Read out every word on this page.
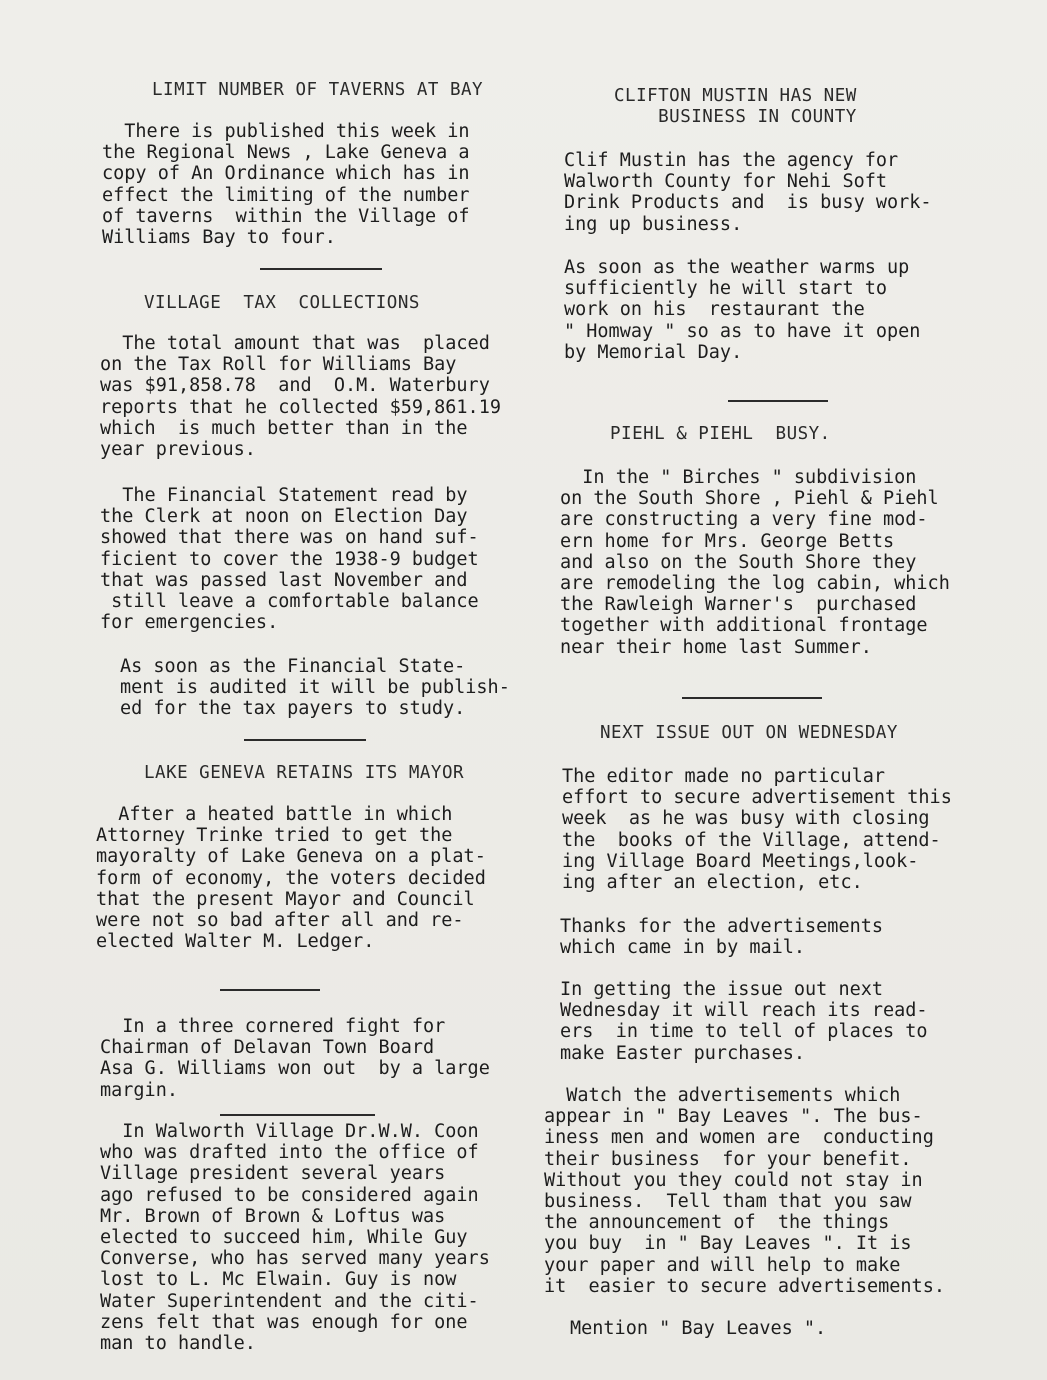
LIMIT NUMBER OF TAVERNS AT BAY
There is published this week in
the Regional News , Lake Geneva a
copy of An Ordinance which has in
effect the limiting of the number
of taverns  within the Village of
Williams Bay to four.
VILLAGE  TAX  COLLECTIONS
The total amount that was  placed
on the Tax Roll for Williams Bay
was $91,858.78  and  O.M. Waterbury
reports that he collected $59,861.19
which  is much better than in the
year previous.
The Financial Statement read by
the Clerk at noon on Election Day
showed that there was on hand suf-
ficient to cover the 1938-9 budget
that was passed last November and
still leave a comfortable balance
for emergencies.
As soon as the Financial State-
ment is audited it will be publish-
ed for the tax payers to study.
LAKE GENEVA RETAINS ITS MAYOR
After a heated battle in which
Attorney Trinke tried to get the
mayoralty of Lake Geneva on a plat-
form of economy, the voters decided
that the present Mayor and Council
were not so bad after all and re-
elected Walter M. Ledger.
In a three cornered fight for
Chairman of Delavan Town Board
Asa G. Williams won out  by a large
margin.
In Walworth Village Dr.W.W. Coon
who was drafted into the office of
Village president several years
ago refused to be considered again
Mr. Brown of Brown & Loftus was
elected to succeed him, While Guy
Converse, who has served many years
lost to L. Mc Elwain. Guy is now
Water Superintendent and the citi-
zens felt that was enough for one
man to handle.
CLIFTON MUSTIN HAS NEW
BUSINESS IN COUNTY
Clif Mustin has the agency for
Walworth County for Nehi Soft
Drink Products and  is busy work-
ing up business.
As soon as the weather warms up
sufficiently he will start to
work on his  restaurant the
" Homway " so as to have it open
by Memorial Day.
PIEHL & PIEHL  BUSY.
In the " Birches " subdivision
on the South Shore , Piehl & Piehl
are constructing a very fine mod-
ern home for Mrs. George Betts
and also on the South Shore they
are remodeling the log cabin, which
the Rawleigh Warner's  purchased
together with additional frontage
near their home last Summer.
NEXT ISSUE OUT ON WEDNESDAY
The editor made no particular
effort to secure advertisement this
week  as he was busy with closing
the  books of the Village, attend-
ing Village Board Meetings,look-
ing after an election, etc.
Thanks for the advertisements
which came in by mail.
In getting the issue out next
Wednesday it will reach its read-
ers  in time to tell of places to
make Easter purchases.
Watch the advertisements which
appear in " Bay Leaves ". The bus-
iness men and women are  conducting
their business  for your benefit.
Without you they could not stay in
business.  Tell tham that you saw
the announcement of  the things
you buy  in " Bay Leaves ". It is
your paper and will help to make
it  easier to secure advertisements.
Mention " Bay Leaves ".
